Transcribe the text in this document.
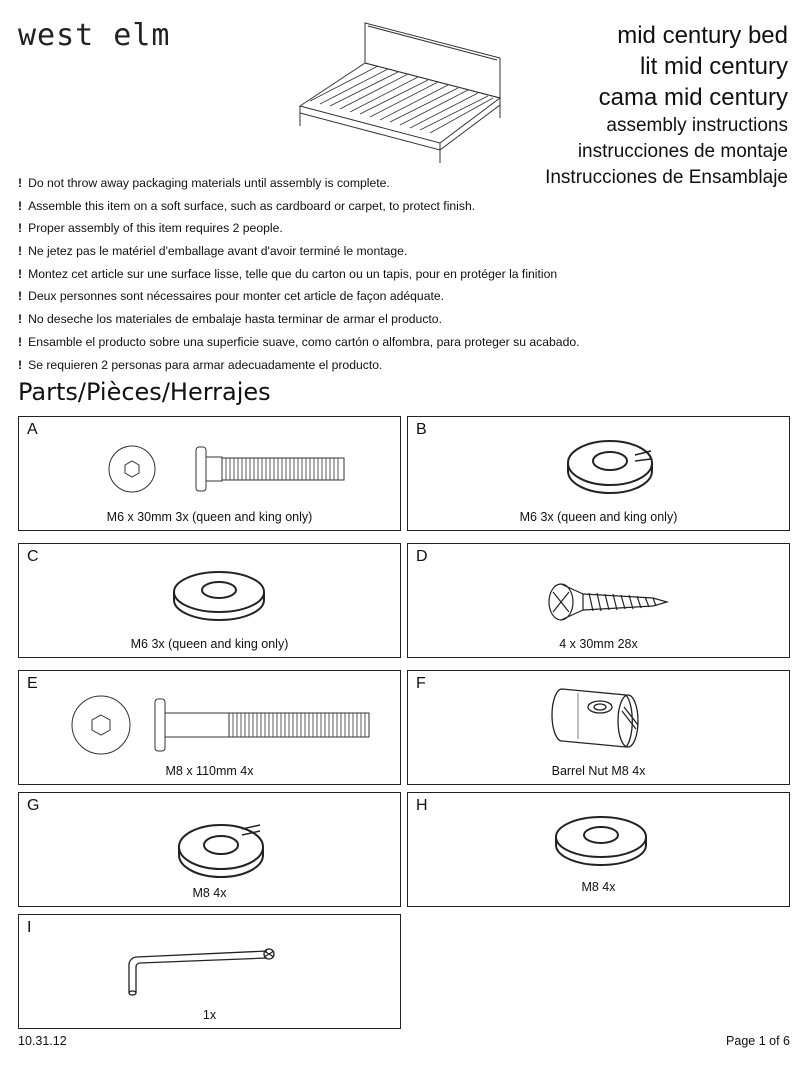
west elm	mid century bed
lit mid century
cama mid century
assembly instructions
instrucciones de montaje
Instrucciones de Ensamblaje
! Do not throw away packaging materials until assembly is complete.
! Assemble this item on a soft surface, such as cardboard or carpet, to protect finish.
! Proper assembly of this item requires 2 people.
! Ne jetez pas le matériel d'emballage avant d'avoir terminé le montage.
! Montez cet article sur une surface lisse, telle que du carton ou un tapis, pour en protéger la finition
! Deux personnes sont nécessaires pour monter cet article de façon adéquate.
! No deseche los materiales de embalaje hasta terminar de armar el producto.
! Ensamble el producto sobre una superficie suave, como cartón o alfombra, para proteger su acabado.
! Se requieren 2 personas para armar adecuadamente el producto.
Parts/Pièces/Herrajes
A
M6 x 30mm 3x (queen and king only)
B
M6 3x (queen and king only)
C
M6 3x (queen and king only)
D
4 x 30mm 28x
E
M8 x 110mm 4x
F
Barrel Nut M8 4x
G
M8 4x
H
M8 4x
I
1x
10.31.12	Page 1 of 6
